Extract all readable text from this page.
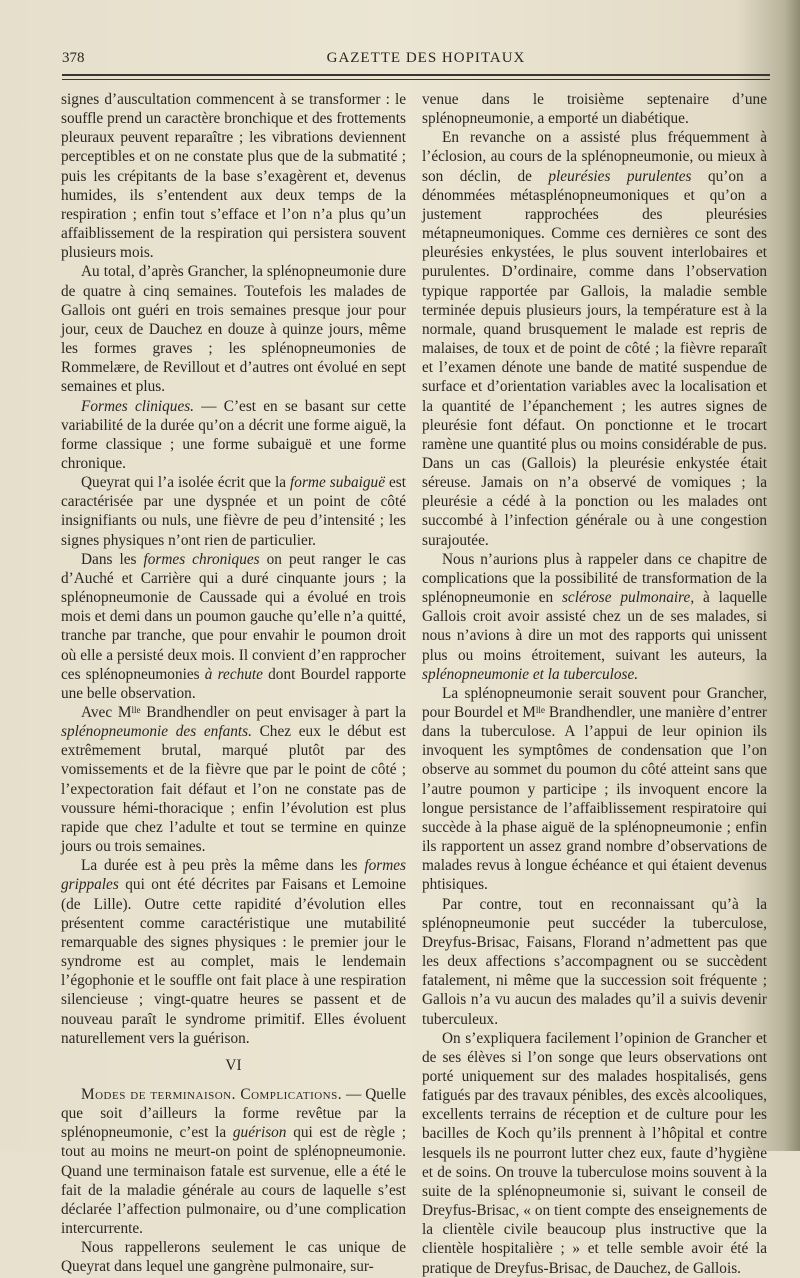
378	GAZETTE DES HOPITAUX

signes d’auscultation commencent à se transformer : le souffle prend un caractère bronchique et des frottements pleuraux peuvent reparaître ; les vibrations deviennent perceptibles et on ne constate plus que de la submatité ; puis les crépitants de la base s’exagèrent et, devenus humides, ils s’entendent aux deux temps de la respiration ; enfin tout s’efface et l’on n’a plus qu’un affaiblissement de la respiration qui persistera souvent plusieurs mois.

Au total, d’après Grancher, la splénopneumonie dure de quatre à cinq semaines. Toutefois les malades de Gallois ont guéri en trois semaines presque jour pour jour, ceux de Dauchez en douze à quinze jours, même les formes graves ; les splénopneumonies de Rommelære, de Revillout et d’autres ont évolué en sept semaines et plus.

Formes cliniques. — C’est en se basant sur cette variabilité de la durée qu’on a décrit une forme aiguë, la forme classique ; une forme subaiguë et une forme chronique.

Queyrat qui l’a isolée écrit que la forme subaiguë est caractérisée par une dyspnée et un point de côté insignifiants ou nuls, une fièvre de peu d’intensité ; les signes physiques n’ont rien de particulier.

Dans les formes chroniques on peut ranger le cas d’Auché et Carrière qui a duré cinquante jours ; la splénopneumonie de Caussade qui a évolué en trois mois et demi dans un poumon gauche qu’elle n’a quitté, tranche par tranche, que pour envahir le poumon droit où elle a persisté deux mois. Il convient d’en rapprocher ces splénopneumonies à rechute dont Bourdel rapporte une belle observation.

Avec Mˡˡᵉ Brandhendler on peut envisager à part la splénopneumonie des enfants. Chez eux le début est extrêmement brutal, marqué plutôt par des vomissements et de la fièvre que par le point de côté ; l’expectoration fait défaut et l’on ne constate pas de voussure hémi-thoracique ; enfin l’évolution est plus rapide que chez l’adulte et tout se termine en quinze jours ou trois semaines.

La durée est à peu près la même dans les formes grippales qui ont été décrites par Faisans et Lemoine (de Lille). Outre cette rapidité d’évolution elles présentent comme caractéristique une mutabilité remarquable des signes physiques : le premier jour le syndrome est au complet, mais le lendemain l’égophonie et le souffle ont fait place à une respiration silencieuse ; vingt-quatre heures se passent et de nouveau paraît le syndrome primitif. Elles évoluent naturellement vers la guérison.

VI

Modes de terminaison. Complications. — Quelle que soit d’ailleurs la forme revêtue par la splénopneumonie, c’est la guérison qui est de règle ; tout au moins ne meurt-on point de splénopneumonie. Quand une terminaison fatale est survenue, elle a été le fait de la maladie générale au cours de laquelle s’est déclarée l’affection pulmonaire, ou d’une complication intercurrente.

Nous rappellerons seulement le cas unique de Queyrat dans lequel une gangrène pulmonaire, sur-

venue dans le troisième septenaire d’une splénopneumonie, a emporté un diabétique.

En revanche on a assisté plus fréquemment à l’éclosion, au cours de la splénopneumonie, ou mieux à son déclin, de pleurésies purulentes qu’on a dénommées métasplénopneumoniques et qu’on a justement rapprochées des pleurésies métapneumoniques. Comme ces dernières ce sont des pleurésies enkystées, le plus souvent interlobaires et purulentes. D’ordinaire, comme dans l’observation typique rapportée par Gallois, la maladie semble terminée depuis plusieurs jours, la température est à la normale, quand brusquement le malade est repris de malaises, de toux et de point de côté ; la fièvre reparaît et l’examen dénote une bande de matité suspendue de surface et d’orientation variables avec la localisation et la quantité de l’épanchement ; les autres signes de pleurésie font défaut. On ponctionne et le trocart ramène une quantité plus ou moins considérable de pus. Dans un cas (Gallois) la pleurésie enkystée était séreuse. Jamais on n’a observé de vomiques ; la pleurésie a cédé à la ponction ou les malades ont succombé à l’infection générale ou à une congestion surajoutée.

Nous n’aurions plus à rappeler dans ce chapitre de complications que la possibilité de transformation de la splénopneumonie en sclérose pulmonaire, à laquelle Gallois croit avoir assisté chez un de ses malades, si nous n’avions à dire un mot des rapports qui unissent plus ou moins étroitement, suivant les auteurs, la splénopneumonie et la tuberculose.

La splénopneumonie serait souvent pour Grancher, pour Bourdel et Mˡˡᵉ Brandhendler, une manière d’entrer dans la tuberculose. A l’appui de leur opinion ils invoquent les symptômes de condensation que l’on observe au sommet du poumon du côté atteint sans que l’autre poumon y participe ; ils invoquent encore la longue persistance de l’affaiblissement respiratoire qui succède à la phase aiguë de la splénopneumonie ; enfin ils rapportent un assez grand nombre d’observations de malades revus à longue échéance et qui étaient devenus phtisiques.

Par contre, tout en reconnaissant qu’à la splénopneumonie peut succéder la tuberculose, Dreyfus-Brisac, Faisans, Florand n’admettent pas que les deux affections s’accompagnent ou se succèdent fatalement, ni même que la succession soit fréquente ; Gallois n’a vu aucun des malades qu’il a suivis devenir tuberculeux.

On s’expliquera facilement l’opinion de Grancher et de ses élèves si l’on songe que leurs observations ont porté uniquement sur des malades hospitalisés, gens fatigués par des travaux pénibles, des excès alcooliques, excellents terrains de réception et de culture pour les bacilles de Koch qu’ils prennent à l’hôpital et contre lesquels ils ne pourront lutter chez eux, faute d’hygiène et de soins. On trouve la tuberculose moins souvent à la suite de la splénopneumonie si, suivant le conseil de Dreyfus-Brisac, « on tient compte des enseignements de la clientèle civile beaucoup plus instructive que la clientèle hospitalière ; » et telle semble avoir été la pratique de Dreyfus-Brisac, de Dauchez, de Gallois.
